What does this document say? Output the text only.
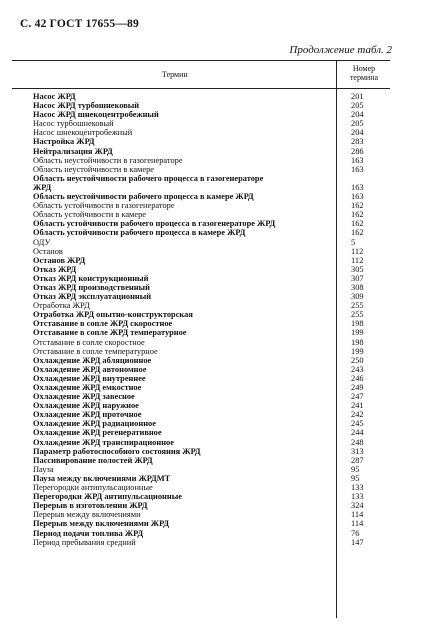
С. 42 ГОСТ 17655—89
Продолжение табл. 2
Термин
Номер
термина
Насос ЖРД	201
Насос ЖРД турбошнековый	205
Насос ЖРД шнекоцентробежный	204
Насос турбошнековый	205
Насос шнекоцентробежный	204
Настройка ЖРД	283
Нейтрализация ЖРД	286
Область неустойчивости в газогенераторе	163
Область неустойчивости в камере	163
Область неустойчивости рабочего процесса в газогенераторе
ЖРД	163
Область неустойчивости рабочего процесса в камере ЖРД	163
Область устойчивости в газогенераторе	162
Область устойчивости в камере	162
Область устойчивости рабочего процесса в газогенераторе ЖРД	162
Область устойчивости рабочего процесса в камере ЖРД	162
ОДУ	5
Останов	112
Останов ЖРД	112
Отказ ЖРД	305
Отказ ЖРД конструкционный	307
Отказ ЖРД производственный	308
Отказ ЖРД эксплуатационный	309
Отработка ЖРД	255
Отработка ЖРД опытно-конструкторская	255
Отставание в сопле ЖРД скоростное	198
Отставание в сопле ЖРД температурное	199
Отставание в сопле скоростное	198
Отставание в сопле температурное	199
Охлаждение ЖРД абляционное	250
Охлаждение ЖРД автономное	243
Охлаждение ЖРД внутреннее	246
Охлаждение ЖРД емкостное	249
Охлаждение ЖРД завесное	247
Охлаждение ЖРД наружное	241
Охлаждение ЖРД проточное	242
Охлаждение ЖРД радиационное	245
Охлаждение ЖРД регенеративное	244
Охлаждение ЖРД транспирационное	248
Параметр работоспособного состояния ЖРД	313
Пассивирование полостей ЖРД	287
Пауза	95
Пауза между включениями ЖРДМТ	95
Перегородки антипульсационные	133
Перегородки ЖРД антипульсационные	133
Перерыв в изготовлении ЖРД	324
Перерыв между включениями	114
Перерыв между включениями ЖРД	114
Период подачи топлива ЖРД	76
Период пребывания средний	147
